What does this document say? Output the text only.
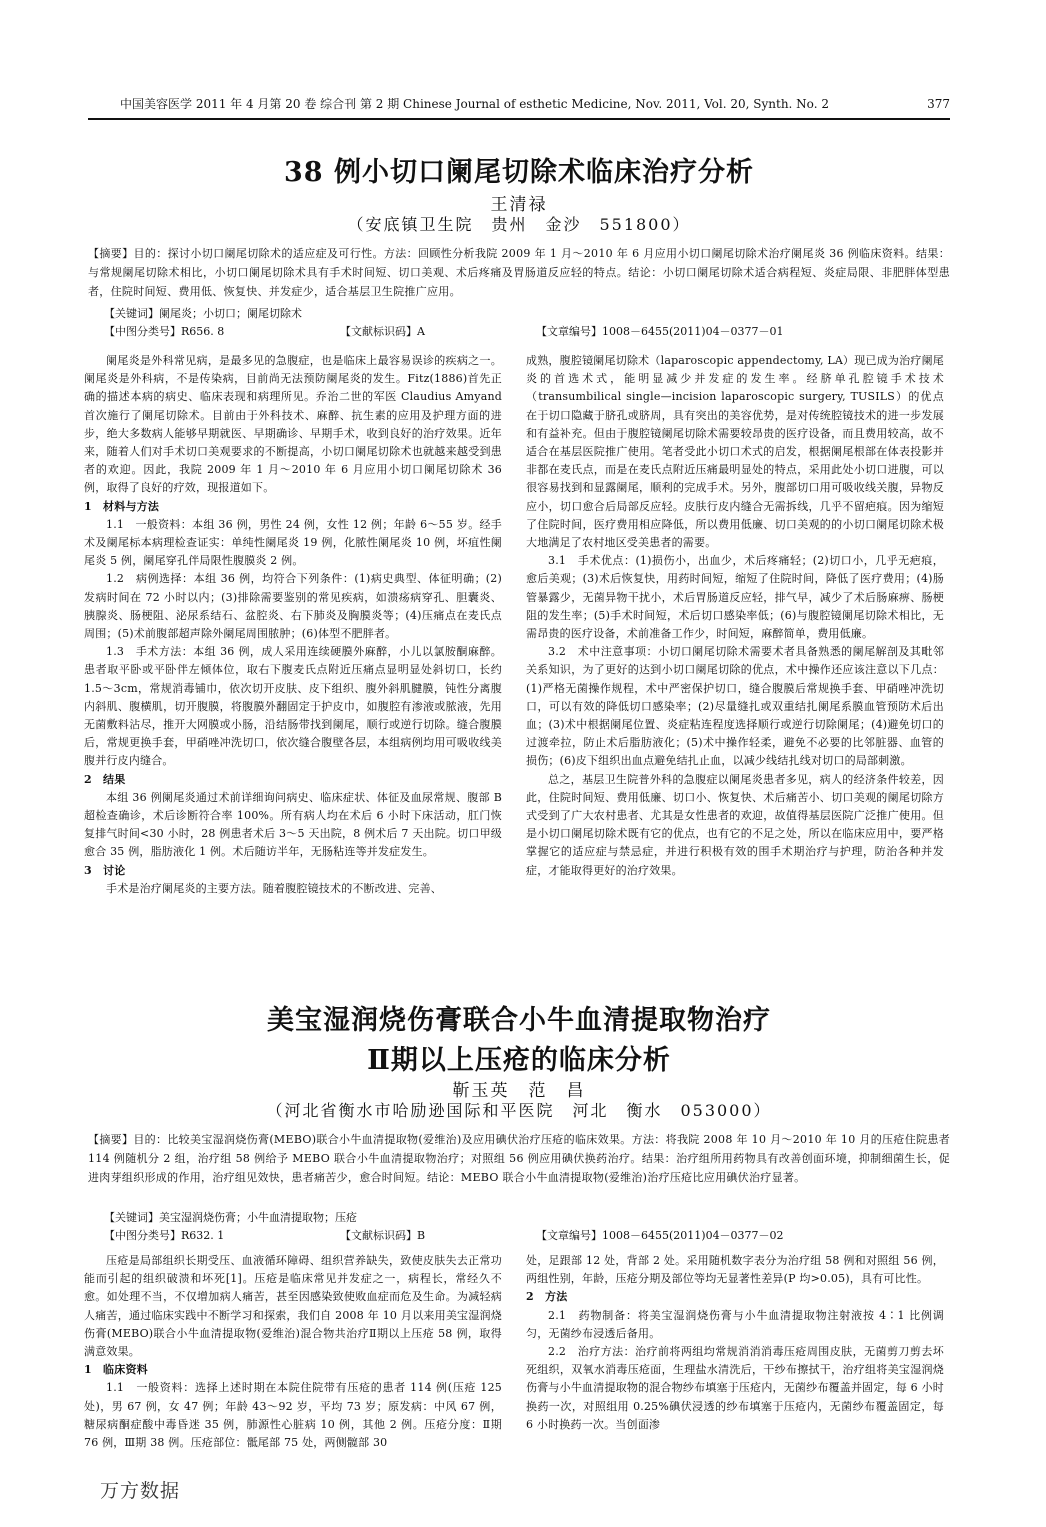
中国美容医学 2011 年 4 月第 20 卷 综合刊 第 2 期 Chinese Journal of esthetic Medicine, Nov. 2011, Vol. 20, Synth. No. 2	377
38 例小切口阑尾切除术临床治疗分析
王清禄
（安底镇卫生院　贵州　金沙　551800）
【摘要】目的：探讨小切口阑尾切除术的适应症及可行性。方法：回顾性分析我院 2009 年 1 月～2010 年 6 月应用小切口阑尾切除术治疗阑尾炎 36 例临床资料。结果：与常规阑尾切除术相比，小切口阑尾切除术具有手术时间短、切口美观、术后疼痛及胃肠道反应轻的特点。结论：小切口阑尾切除术适合病程短、炎症局限、非肥胖体型患者，住院时间短、费用低、恢复快、并发症少，适合基层卫生院推广应用。
【关键词】阑尾炎；小切口；阑尾切除术
【中图分类号】R656. 8	【文献标识码】A	【文章编号】1008－6455(2011)04－0377－01

阑尾炎是外科常见病，是最多见的急腹症，也是临床上最容易误诊的疾病之一。阑尾炎是外科病，不是传染病，目前尚无法预防阑尾炎的发生。Fitz(1886)首先正确的描述本病的病史、临床表现和病理所见。乔治二世的军医 Claudius Amyand 首次施行了阑尾切除术。目前由于外科技术、麻醉、抗生素的应用及护理方面的进步，绝大多数病人能够早期就医、早期确诊、早期手术，收到良好的治疗效果。近年来，随着人们对手术切口美观要求的不断提高，小切口阑尾切除术也就越来越受到患者的欢迎。因此，我院 2009 年 1 月～2010 年 6 月应用小切口阑尾切除术 36 例，取得了良好的疗效，现报道如下。

1　材料与方法

1.1　一般资料：本组 36 例，男性 24 例，女性 12 例；年龄 6～55 岁。经手术及阑尾标本病理检查证实：单纯性阑尾炎 19 例，化脓性阑尾炎 10 例，坏疽性阑尾炎 5 例，阑尾穿孔伴局限性腹膜炎 2 例。

1.2　病例选择：本组 36 例，均符合下列条件：(1)病史典型、体征明确；(2)发病时间在 72 小时以内；(3)排除需要鉴别的常见疾病，如溃疡病穿孔、胆囊炎、胰腺炎、肠梗阻、泌尿系结石、盆腔炎、右下肺炎及胸膜炎等；(4)压痛点在麦氏点周围；(5)术前腹部超声除外阑尾周围脓肿；(6)体型不肥胖者。

1.3　手术方法：本组 36 例，成人采用连续硬膜外麻醉，小儿以氯胺酮麻醉。患者取平卧或平卧伴左倾体位，取右下腹麦氏点附近压痛点显明显处斜切口，长约 1.5～3cm，常规消毒铺巾，依次切开皮肤、皮下组织、腹外斜肌腱膜，钝性分离腹内斜肌、腹横肌，切开腹膜，将腹膜外翻固定于护皮巾，如腹腔有渗液或脓液，先用无菌敷料沾尽，推开大网膜或小肠，沿结肠带找到阑尾，顺行或逆行切除。缝合腹膜后，常规更换手套，甲硝唑冲洗切口，依次缝合腹壁各层，本组病例均用可吸收线美腹并行皮内缝合。

2　结果

本组 36 例阑尾炎通过术前详细询问病史、临床症状、体征及血尿常规、腹部 B 超检查确诊，术后诊断符合率 100%。所有病人均在术后 6 小时下床活动，肛门恢复排气时间<30 小时，28 例患者术后 3～5 天出院，8 例术后 7 天出院。切口甲级愈合 35 例，脂肪液化 1 例。术后随访半年，无肠粘连等并发症发生。

3　讨论

手术是治疗阑尾炎的主要方法。随着腹腔镜技术的不断改进、完善、

成熟，腹腔镜阑尾切除术（laparoscopic appendectomy, LA）现已成为治疗阑尾炎的首选术式，能明显减少并发症的发生率。经脐单孔腔镜手术技术（transumbilical single—incision laparoscopic surgery, TUSILS）的优点在于切口隐藏于脐孔或脐周，具有突出的美容优势，是对传统腔镜技术的进一步发展和有益补充。但由于腹腔镜阑尾切除术需要较昂贵的医疗设备，而且费用较高，故不适合在基层医院推广使用。笔者受此小切口术式的启发，根据阑尾根部在体表投影并非都在麦氏点，而是在麦氏点附近压痛最明显处的特点，采用此处小切口进腹，可以很容易找到和显露阑尾，顺利的完成手术。另外，腹部切口用可吸收线关腹，异物反应小，切口愈合后局部反应轻。皮肤行皮内缝合无需拆线，几乎不留疤痕。因为缩短了住院时间，医疗费用相应降低，所以费用低廉、切口美观的的小切口阑尾切除术极大地满足了农村地区受美患者的需要。

3.1　手术优点：(1)损伤小，出血少，术后疼痛轻；(2)切口小，几乎无疤痕，愈后美观；(3)术后恢复快，用药时间短，缩短了住院时间，降低了医疗费用；(4)肠管暴露少，无菌异物干扰小，术后胃肠道反应轻，排气早，减少了术后肠麻痹、肠梗阻的发生率；(5)手术时间短，术后切口感染率低；(6)与腹腔镜阑尾切除术相比，无需昂贵的医疗设备，术前准备工作少，时间短，麻醉简单，费用低廉。

3.2　术中注意事项：小切口阑尾切除术需要术者具备熟悉的阑尾解剖及其毗邻关系知识，为了更好的达到小切口阑尾切除的优点，术中操作还应该注意以下几点：(1)严格无菌操作规程，术中严密保护切口，缝合腹膜后常规换手套、甲硝唑冲洗切口，可以有效的降低切口感染率；(2)尽量缝扎或双重结扎阑尾系膜血管预防术后出血；(3)术中根据阑尾位置、炎症粘连程度选择顺行或逆行切除阑尾；(4)避免切口的过渡牵拉，防止术后脂肪液化；(5)术中操作轻柔，避免不必要的比邻脏器、血管的损伤；(6)皮下组织出血点避免结扎止血，以减少线结扎线对切口的局部刺激。

总之，基层卫生院普外科的急腹症以阑尾炎患者多见，病人的经济条件较差，因此，住院时间短、费用低廉、切口小、恢复快、术后痛苦小、切口美观的阑尾切除方式受到了广大农村患者、尤其是女性患者的欢迎，故值得基层医院广泛推广使用。但是小切口阑尾切除术既有它的优点，也有它的不足之处，所以在临床应用中，要严格掌握它的适应症与禁忌症，并进行积极有效的围手术期治疗与护理，防治各种并发症，才能取得更好的治疗效果。

美宝湿润烧伤膏联合小牛血清提取物治疗
Ⅱ期以上压疮的临床分析
靳玉英　范　昌
（河北省衡水市哈励逊国际和平医院　河北　衡水　053000）
【摘要】目的：比较美宝湿润烧伤膏(MEBO)联合小牛血清提取物(爱维治)及应用碘伏治疗压疮的临床效果。方法：将我院 2008 年 10 月～2010 年 10 月的压疮住院患者 114 例随机分 2 组，治疗组 58 例给予 MEBO 联合小牛血清提取物治疗；对照组 56 例应用碘伏换药治疗。结果：治疗组所用药物具有改善创面环境，抑制细菌生长，促进肉芽组织形成的作用，治疗组见效快，患者痛苦少，愈合时间短。结论：MEBO 联合小牛血清提取物(爱维治)治疗压疮比应用碘伏治疗显著。
【关键词】美宝湿润烧伤膏；小牛血清提取物；压疮
【中图分类号】R632. 1	【文献标识码】B	【文章编号】1008－6455(2011)04－0377－02

压疮是局部组织长期受压、血液循环障碍、组织营养缺失，致使皮肤失去正常功能而引起的组织破溃和坏死[1]。压疮是临床常见并发症之一，病程长，常经久不愈。如处理不当，不仅增加病人痛苦，甚至因感染致使败血症而危及生命。为减轻病人痛苦，通过临床实践中不断学习和探索，我们自 2008 年 10 月以来用美宝湿润烧伤膏(MEBO)联合小牛血清提取物(爱维治)混合物共治疗Ⅱ期以上压疮 58 例，取得满意效果。

1　临床资料

1.1　一般资料：选择上述时期在本院住院带有压疮的患者 114 例(压疮 125 处)，男 67 例，女 47 例；年龄 43～92 岁，平均 73 岁；原发病：中风 67 例，糖尿病酮症酸中毒昏迷 35 例，肺源性心脏病 10 例，其他 2 例。压疮分度：Ⅱ期 76 例，Ⅲ期 38 例。压疮部位：骶尾部 75 处，两侧髋部 30

处，足跟部 12 处，背部 2 处。采用随机数字表分为治疗组 58 例和对照组 56 例，两组性别，年龄，压疮分期及部位等均无显著性差异(P 均>0.05)，具有可比性。

2　方法

2.1　药物制备：将美宝湿润烧伤膏与小牛血清提取物注射液按 4∶1 比例调匀，无菌纱布浸透后备用。

2.2　治疗方法：治疗前将两组均常规消消消毒压疮周围皮肤，无菌剪刀剪去坏死组织，双氧水消毒压疮面，生理盐水清洗后，干纱布擦拭干，治疗组将美宝湿润烧伤膏与小牛血清提取物的混合物纱布填塞于压疮内，无菌纱布覆盖并固定，每 6 小时换药一次，对照组用 0.25%碘伏浸透的纱布填塞于压疮内，无菌纱布覆盖固定，每 6 小时换药一次。当创面渗

万方数据
